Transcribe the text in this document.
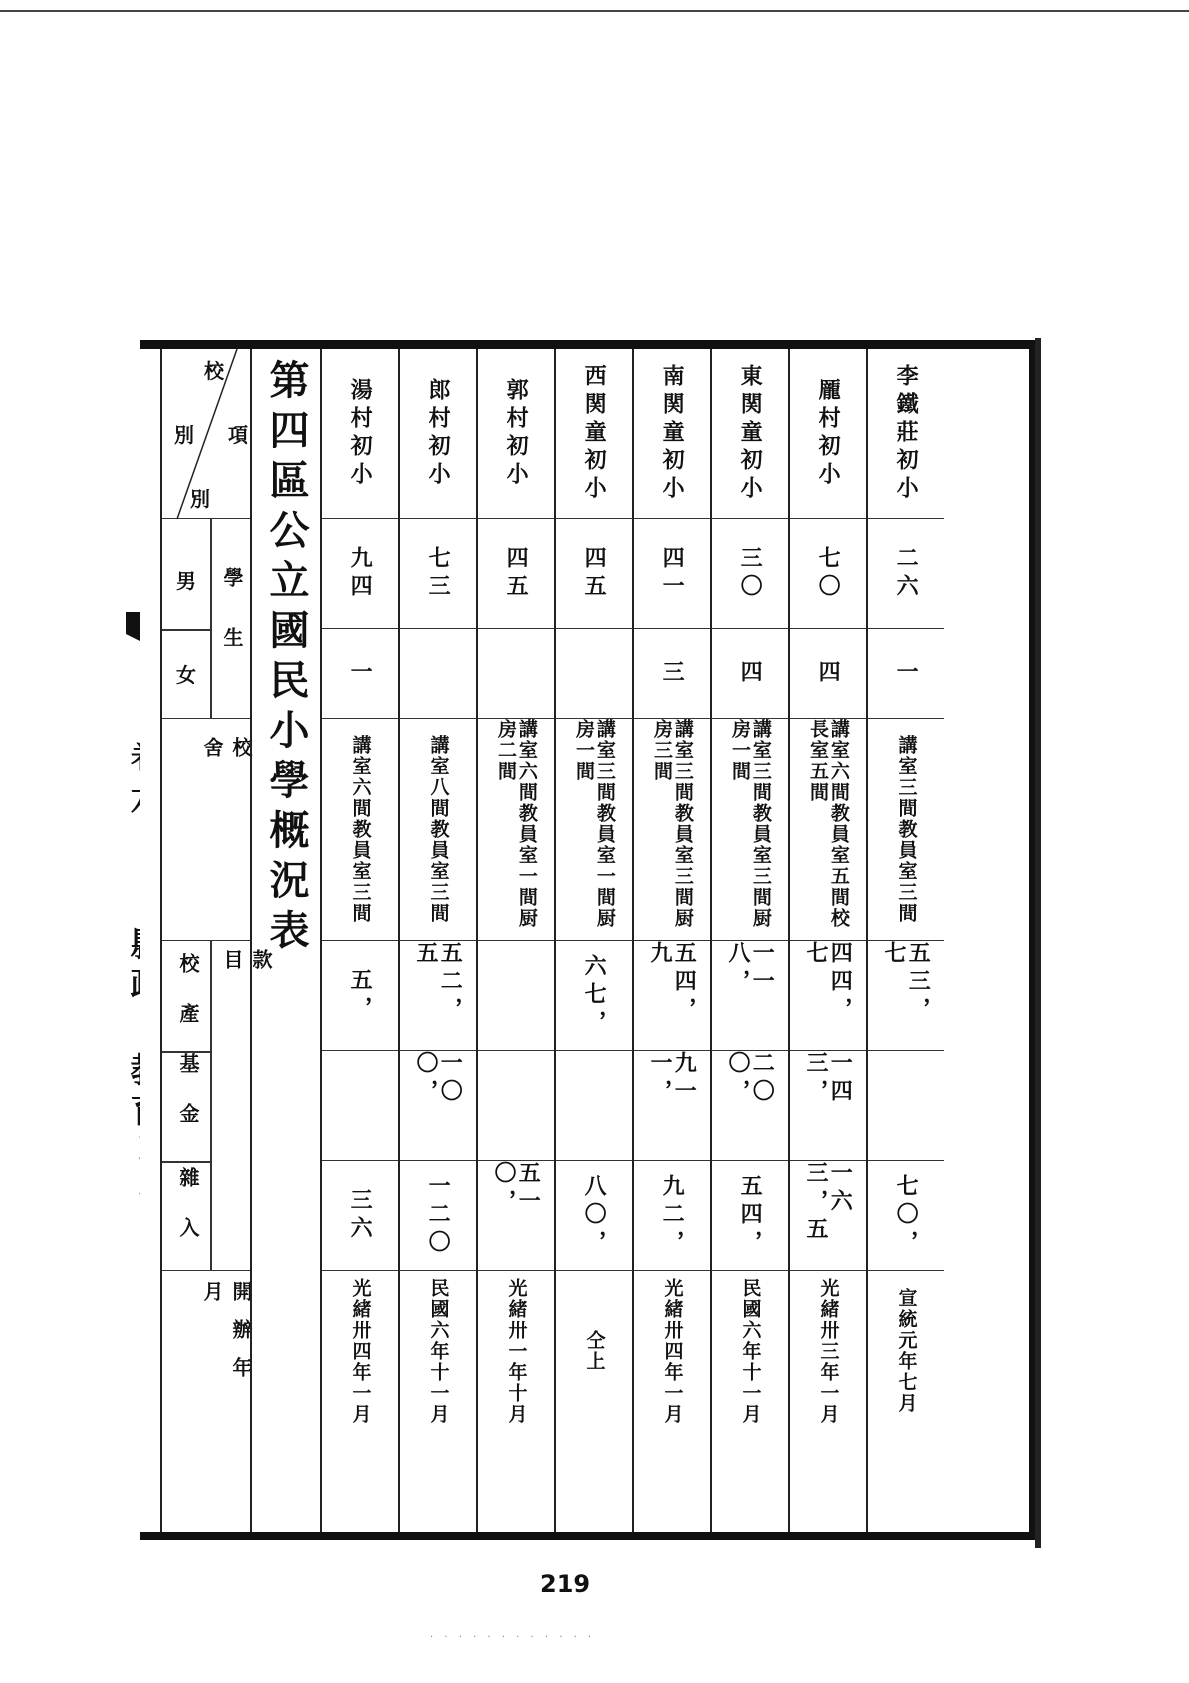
校
項
別
別
男
女 學生
校舍
校產
基金
雜入	款目
開辦年月
第四區公立國民小學概況表 湯村初小
九四
一
講室六間教員室三間
五，
三六
光緒卅四年一月
郎村初小
七三
講室八間教員室三間
五二，五
一〇〇，
一二〇
民國六年十一月
郭村初小
四五
講室六間教員室一間厨房二間
五一〇，
光緒卅一年十月
西関童初小
四五
講室三間教員室一間厨房一間
六七，
八〇，
仝上
南関童初小
四一
三
講室三間教員室三間厨房三間
五四，九
九一一，
九二，
光緒卅四年一月
東関童初小
三〇
四
講室三間教員室三間厨房一間
一一八，
二〇〇，
五四，
民國六年十一月
龎村初小
七〇
四
講室六間教員室五間校長室五間
四四，七
一四三，
一六三，五
光緒卅三年一月
李鐵莊初小
二六
一
講室三間教員室三間
五三，七
七〇，
宣統元年七月
219
· · · · · · · · · · · ·
